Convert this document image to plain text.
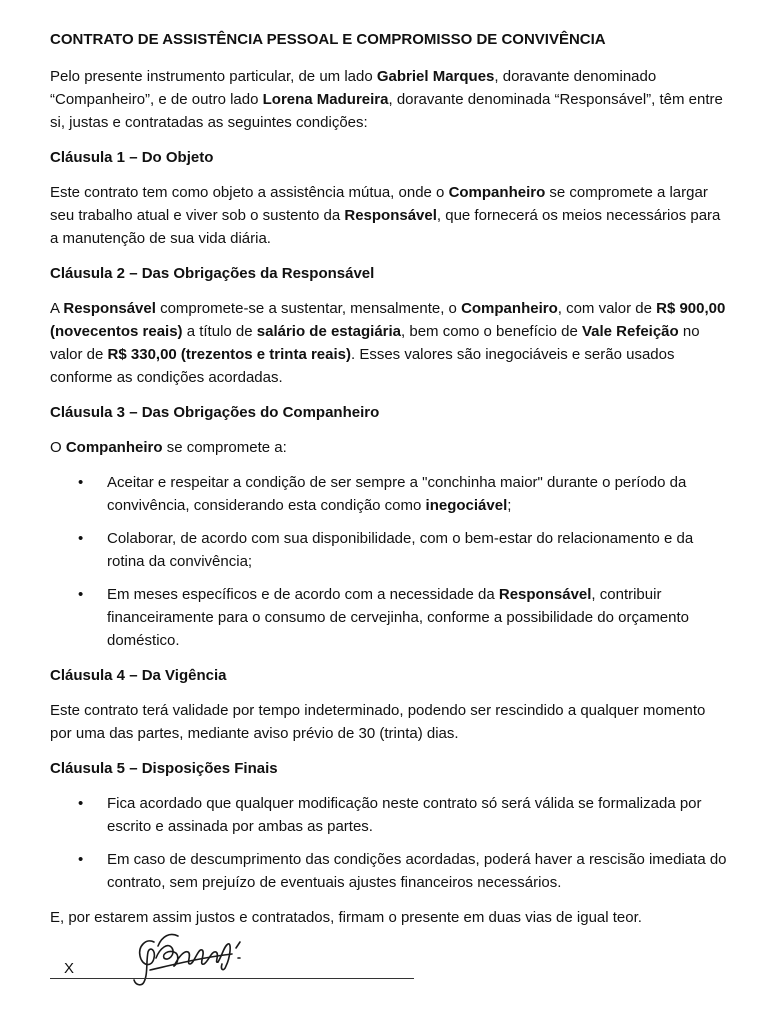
CONTRATO DE ASSISTÊNCIA PESSOAL E COMPROMISSO DE CONVIVÊNCIA

Pelo presente instrumento particular, de um lado Gabriel Marques, doravante denominado “Companheiro”, e de outro lado Lorena Madureira, doravante denominada “Responsável”, têm entre si, justas e contratadas as seguintes condições:

Cláusula 1 – Do Objeto

Este contrato tem como objeto a assistência mútua, onde o Companheiro se compromete a largar seu trabalho atual e viver sob o sustento da Responsável, que fornecerá os meios necessários para a manutenção de sua vida diária.

Cláusula 2 – Das Obrigações da Responsável

A Responsável compromete-se a sustentar, mensalmente, o Companheiro, com valor de R$ 900,00 (novecentos reais) a título de salário de estagiária, bem como o benefício de Vale Refeição no valor de R$ 330,00 (trezentos e trinta reais). Esses valores são inegociáveis e serão usados conforme as condições acordadas.

Cláusula 3 – Das Obrigações do Companheiro

O Companheiro se compromete a:

• Aceitar e respeitar a condição de ser sempre a "conchinha maior" durante o período da convivência, considerando esta condição como inegociável;
• Colaborar, de acordo com sua disponibilidade, com o bem-estar do relacionamento e da rotina da convivência;
• Em meses específicos e de acordo com a necessidade da Responsável, contribuir financeiramente para o consumo de cervejinha, conforme a possibilidade do orçamento doméstico.
Cláusula 4 – Da Vigência

Este contrato terá validade por tempo indeterminado, podendo ser rescindido a qualquer momento por uma das partes, mediante aviso prévio de 30 (trinta) dias.

Cláusula 5 – Disposições Finais
• Fica acordado que qualquer modificação neste contrato só será válida se formalizada por escrito e assinada por ambas as partes.
• Em caso de descumprimento das condições acordadas, poderá haver a rescisão imediata do contrato, sem prejuízo de eventuais ajustes financeiros necessários.

E, por estarem assim justos e contratados, firmam o presente em duas vias de igual teor.

X
